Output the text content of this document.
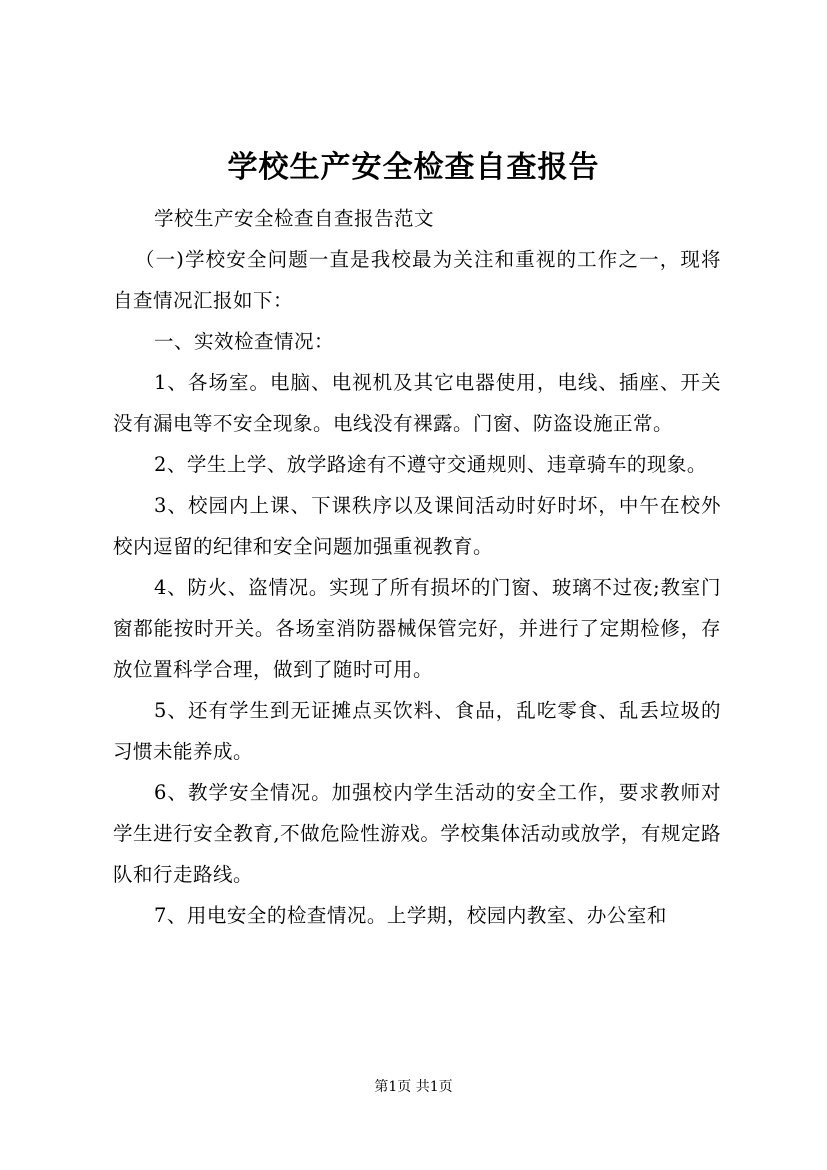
学校生产安全检查自查报告

学校生产安全检查自查报告范文

（一)学校安全问题一直是我校最为关注和重视的工作之一，现将自查情况汇报如下：

一、实效检查情况：

1、各场室。电脑、电视机及其它电器使用，电线、插座、开关没有漏电等不安全现象。电线没有裸露。门窗、防盗设施正常。

2、学生上学、放学路途有不遵守交通规则、违章骑车的现象。

3、校园内上课、下课秩序以及课间活动时好时坏，中午在校外校内逗留的纪律和安全问题加强重视教育。

4、防火、盗情况。实现了所有损坏的门窗、玻璃不过夜;教室门窗都能按时开关。各场室消防器械保管完好，并进行了定期检修，存放位置科学合理，做到了随时可用。

5、还有学生到无证摊点买饮料、食品，乱吃零食、乱丢垃圾的习惯未能养成。

6、教学安全情况。加强校内学生活动的安全工作，要求教师对学生进行安全教育,不做危险性游戏。学校集体活动或放学，有规定路队和行走路线。

7、用电安全的检查情况。上学期，校园内教室、办公室和

第1页 共1页
